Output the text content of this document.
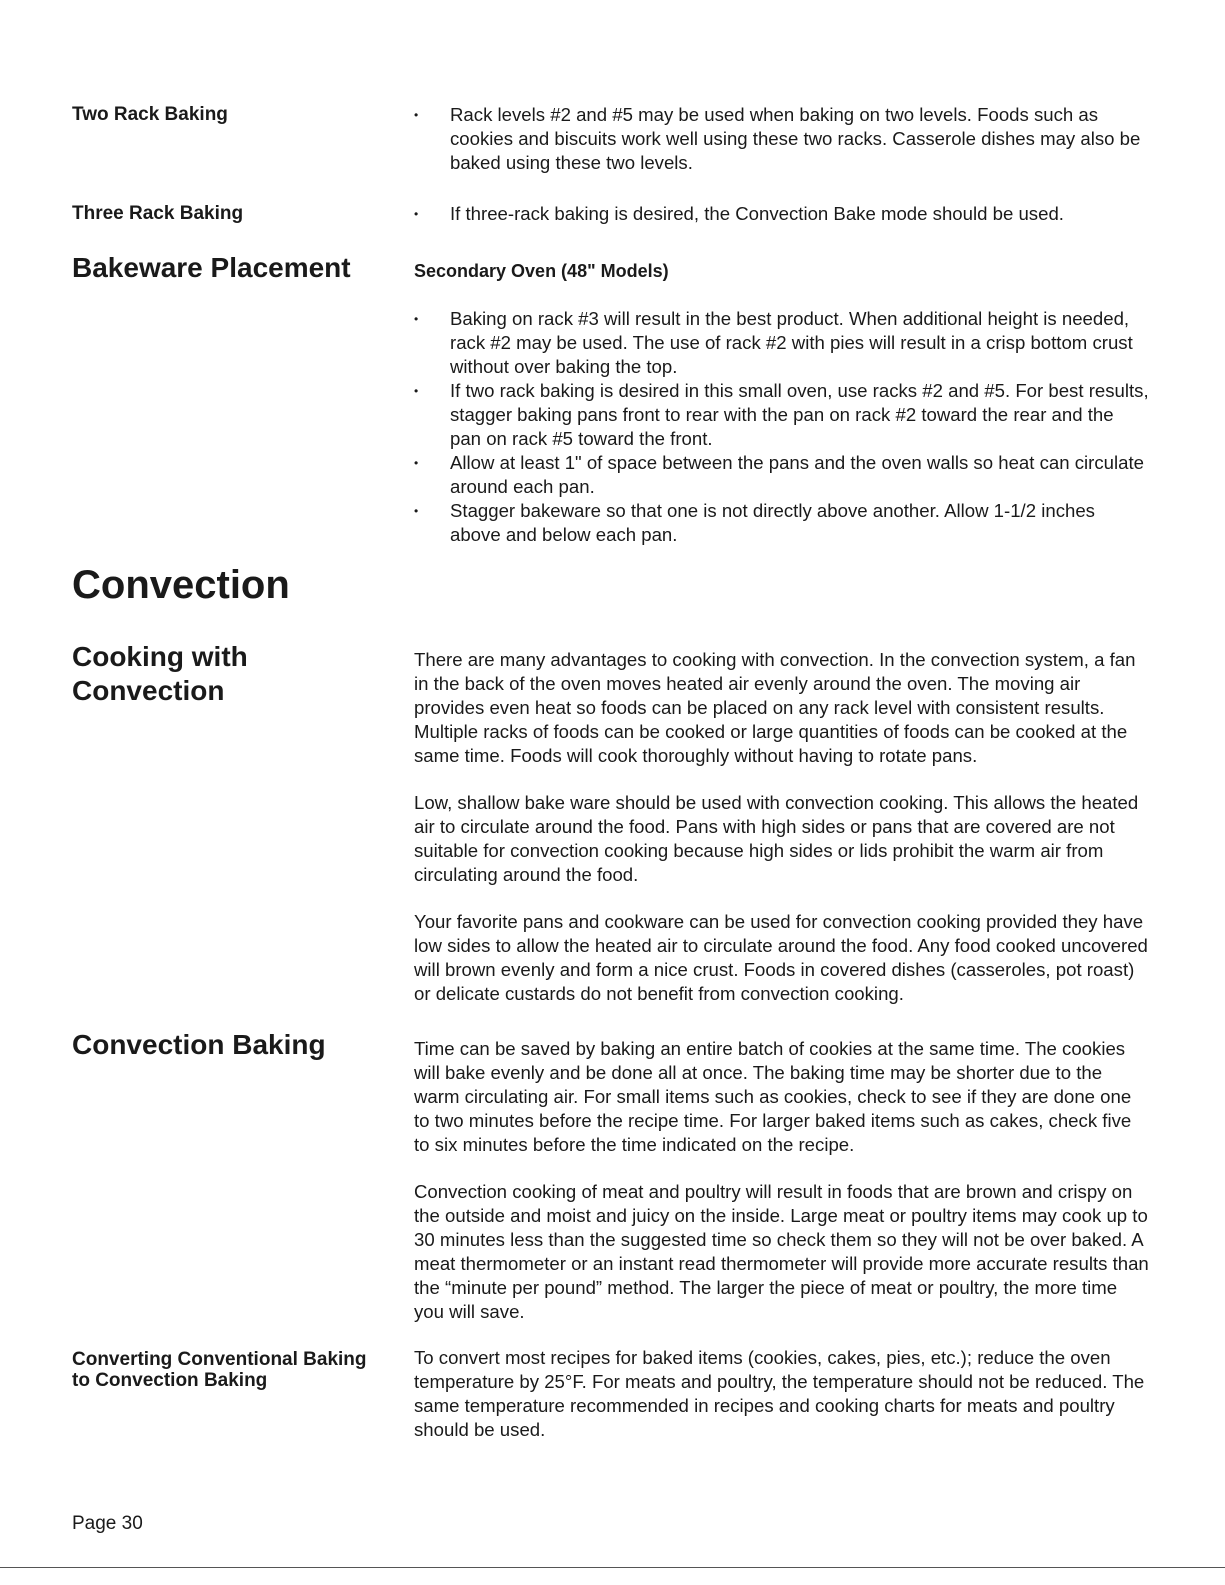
Two Rack Baking	• Rack levels #2 and #5 may be used when baking on two levels. Foods such as cookies and biscuits work well using these two racks. Casserole dishes may also be baked using these two levels.
Three Rack Baking	• If three-rack baking is desired, the Convection Bake mode should be used.
Bakeware Placement	Secondary Oven (48" Models)
• Baking on rack #3 will result in the best product. When additional height is needed, rack #2 may be used. The use of rack #2 with pies will result in a crisp bottom crust without over baking the top.
• If two rack baking is desired in this small oven, use racks #2 and #5. For best results, stagger baking pans front to rear with the pan on rack #2 toward the rear and the pan on rack #5 toward the front.
• Allow at least 1" of space between the pans and the oven walls so heat can circulate around each pan.
• Stagger bakeware so that one is not directly above another. Allow 1-1/2 inches above and below each pan.
Convection
Cooking with
Convection

There are many advantages to cooking with convection. In the convection system, a fan in the back of the oven moves heated air evenly around the oven. The moving air provides even heat so foods can be placed on any rack level with consistent results. Multiple racks of foods can be cooked or large quantities of foods can be cooked at the same time. Foods will cook thoroughly without having to rotate pans.

Low, shallow bake ware should be used with convection cooking. This allows the heated air to circulate around the food. Pans with high sides or pans that are covered are not suitable for convection cooking because high sides or lids prohibit the warm air from circulating around the food.

Your favorite pans and cookware can be used for convection cooking provided they have low sides to allow the heated air to circulate around the food. Any food cooked uncovered will brown evenly and form a nice crust. Foods in covered dishes (casseroles, pot roast) or delicate custards do not benefit from convection cooking.

Convection Baking	Time can be saved by baking an entire batch of cookies at the same time. The cookies will bake evenly and be done all at once. The baking time may be shorter due to the warm circulating air. For small items such as cookies, check to see if they are done one to two minutes before the recipe time. For larger baked items such as cakes, check five to six minutes before the time indicated on the recipe.

Convection cooking of meat and poultry will result in foods that are brown and crispy on the outside and moist and juicy on the inside. Large meat or poultry items may cook up to 30 minutes less than the suggested time so check them so they will not be over baked. A meat thermometer or an instant read thermometer will provide more accurate results than the “minute per pound” method. The larger the piece of meat or poultry, the more time you will save.

Converting Conventional Baking
to Convection Baking

To convert most recipes for baked items (cookies, cakes, pies, etc.); reduce the oven temperature by 25°F. For meats and poultry, the temperature should not be reduced. The same temperature recommended in recipes and cooking charts for meats and poultry should be used.

Page 30
